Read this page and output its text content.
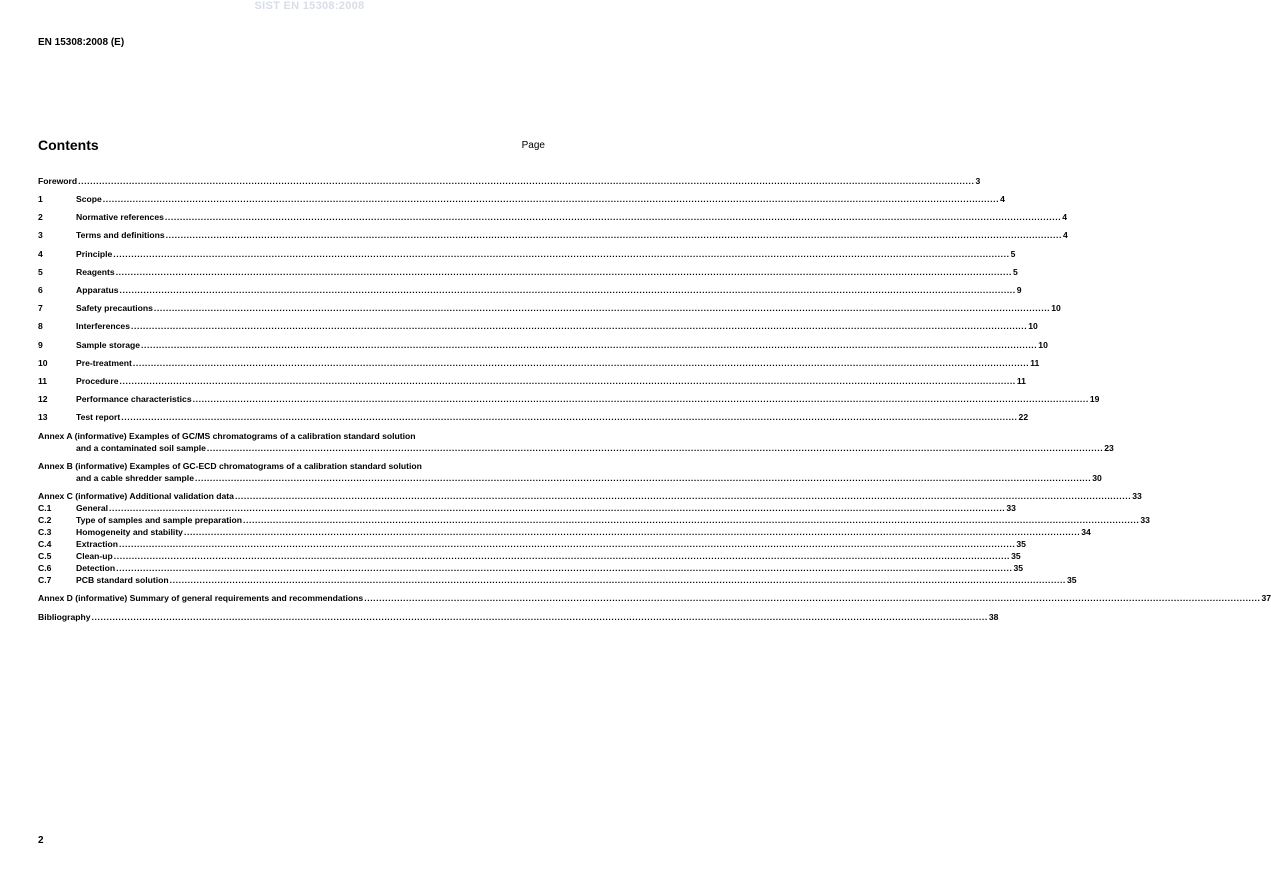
SIST EN 15308:2008
EN 15308:2008 (E)
Contents	Page
Foreword ............................................................................................................................................................................................................................................................................................................ 3
1	Scope ............................................................................................................................................................................................................................................................................................................ 4
2	Normative references ............................................................................................................................................................................................................................................................................................................ 4
3	Terms and definitions ............................................................................................................................................................................................................................................................................................................ 4
4	Principle ............................................................................................................................................................................................................................................................................................................ 5
5	Reagents ............................................................................................................................................................................................................................................................................................................ 5
6	Apparatus ............................................................................................................................................................................................................................................................................................................ 9
7	Safety precautions ............................................................................................................................................................................................................................................................................................................ 10
8	Interferences ............................................................................................................................................................................................................................................................................................................ 10
9	Sample storage ............................................................................................................................................................................................................................................................................................................ 10
10	Pre-treatment ............................................................................................................................................................................................................................................................................................................ 11
11	Procedure ............................................................................................................................................................................................................................................................................................................ 11
12	Performance characteristics ............................................................................................................................................................................................................................................................................................................ 19
13	Test report ............................................................................................................................................................................................................................................................................................................ 22
Annex A (informative) Examples of GC/MS chromatograms of a calibration standard solution
and a contaminated soil sample ............................................................................................................................................................................................................................................................................................................ 23
Annex B (informative) Examples of GC-ECD chromatograms of a calibration standard solution
and a cable shredder sample ............................................................................................................................................................................................................................................................................................................ 30
Annex C (informative) Additional validation data ............................................................................................................................................................................................................................................................................................................ 33
C.1	General ............................................................................................................................................................................................................................................................................................................ 33
C.2	Type of samples and sample preparation ............................................................................................................................................................................................................................................................................................................ 33
C.3	Homogeneity and stability ............................................................................................................................................................................................................................................................................................................ 34
C.4	Extraction ............................................................................................................................................................................................................................................................................................................ 35
C.5	Clean-up ............................................................................................................................................................................................................................................................................................................ 35
C.6	Detection ............................................................................................................................................................................................................................................................................................................ 35
C.7	PCB standard solution ............................................................................................................................................................................................................................................................................................................ 35
Annex D (informative) Summary of general requirements and recommendations ............................................................................................................................................................................................................................................................................................................ 37
Bibliography ............................................................................................................................................................................................................................................................................................................ 38
2
